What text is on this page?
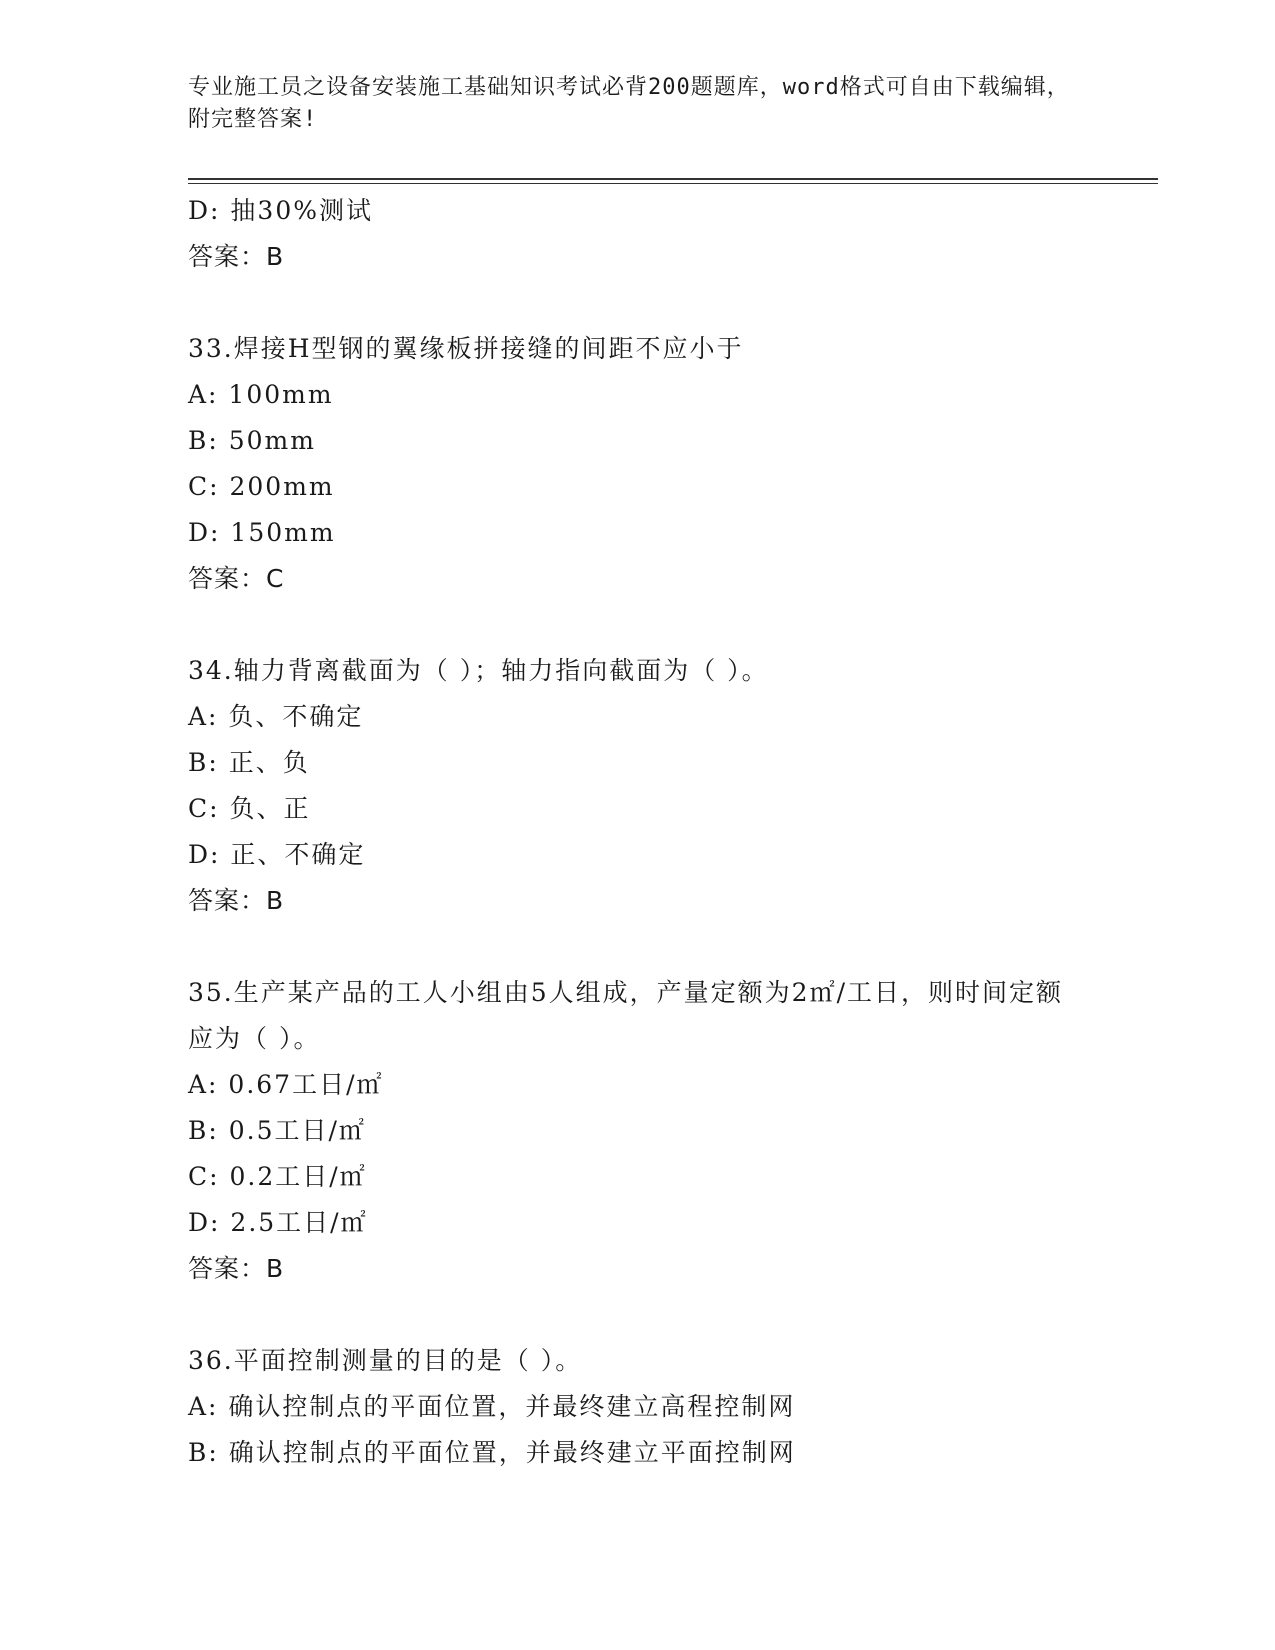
专业施工员之设备安装施工基础知识考试必背200题题库，word格式可自由下载编辑，附完整答案!
D: 抽30%测试
答案：B
33.焊接H型钢的翼缘板拼接缝的间距不应小于
A: 100mm
B: 50mm
C: 200mm
D: 150mm
答案：C
34.轴力背离截面为（ ）；轴力指向截面为（ ）。
A: 负、不确定
B: 正、负
C: 负、正
D: 正、不确定
答案：B
35.生产某产品的工人小组由5人组成，产量定额为2㎡/工日，则时间定额应为（ ）。
A: 0.67工日/㎡
B: 0.5工日/㎡
C: 0.2工日/㎡
D: 2.5工日/㎡
答案：B
36.平面控制测量的目的是（ ）。
A: 确认控制点的平面位置，并最终建立高程控制网
B: 确认控制点的平面位置，并最终建立平面控制网
